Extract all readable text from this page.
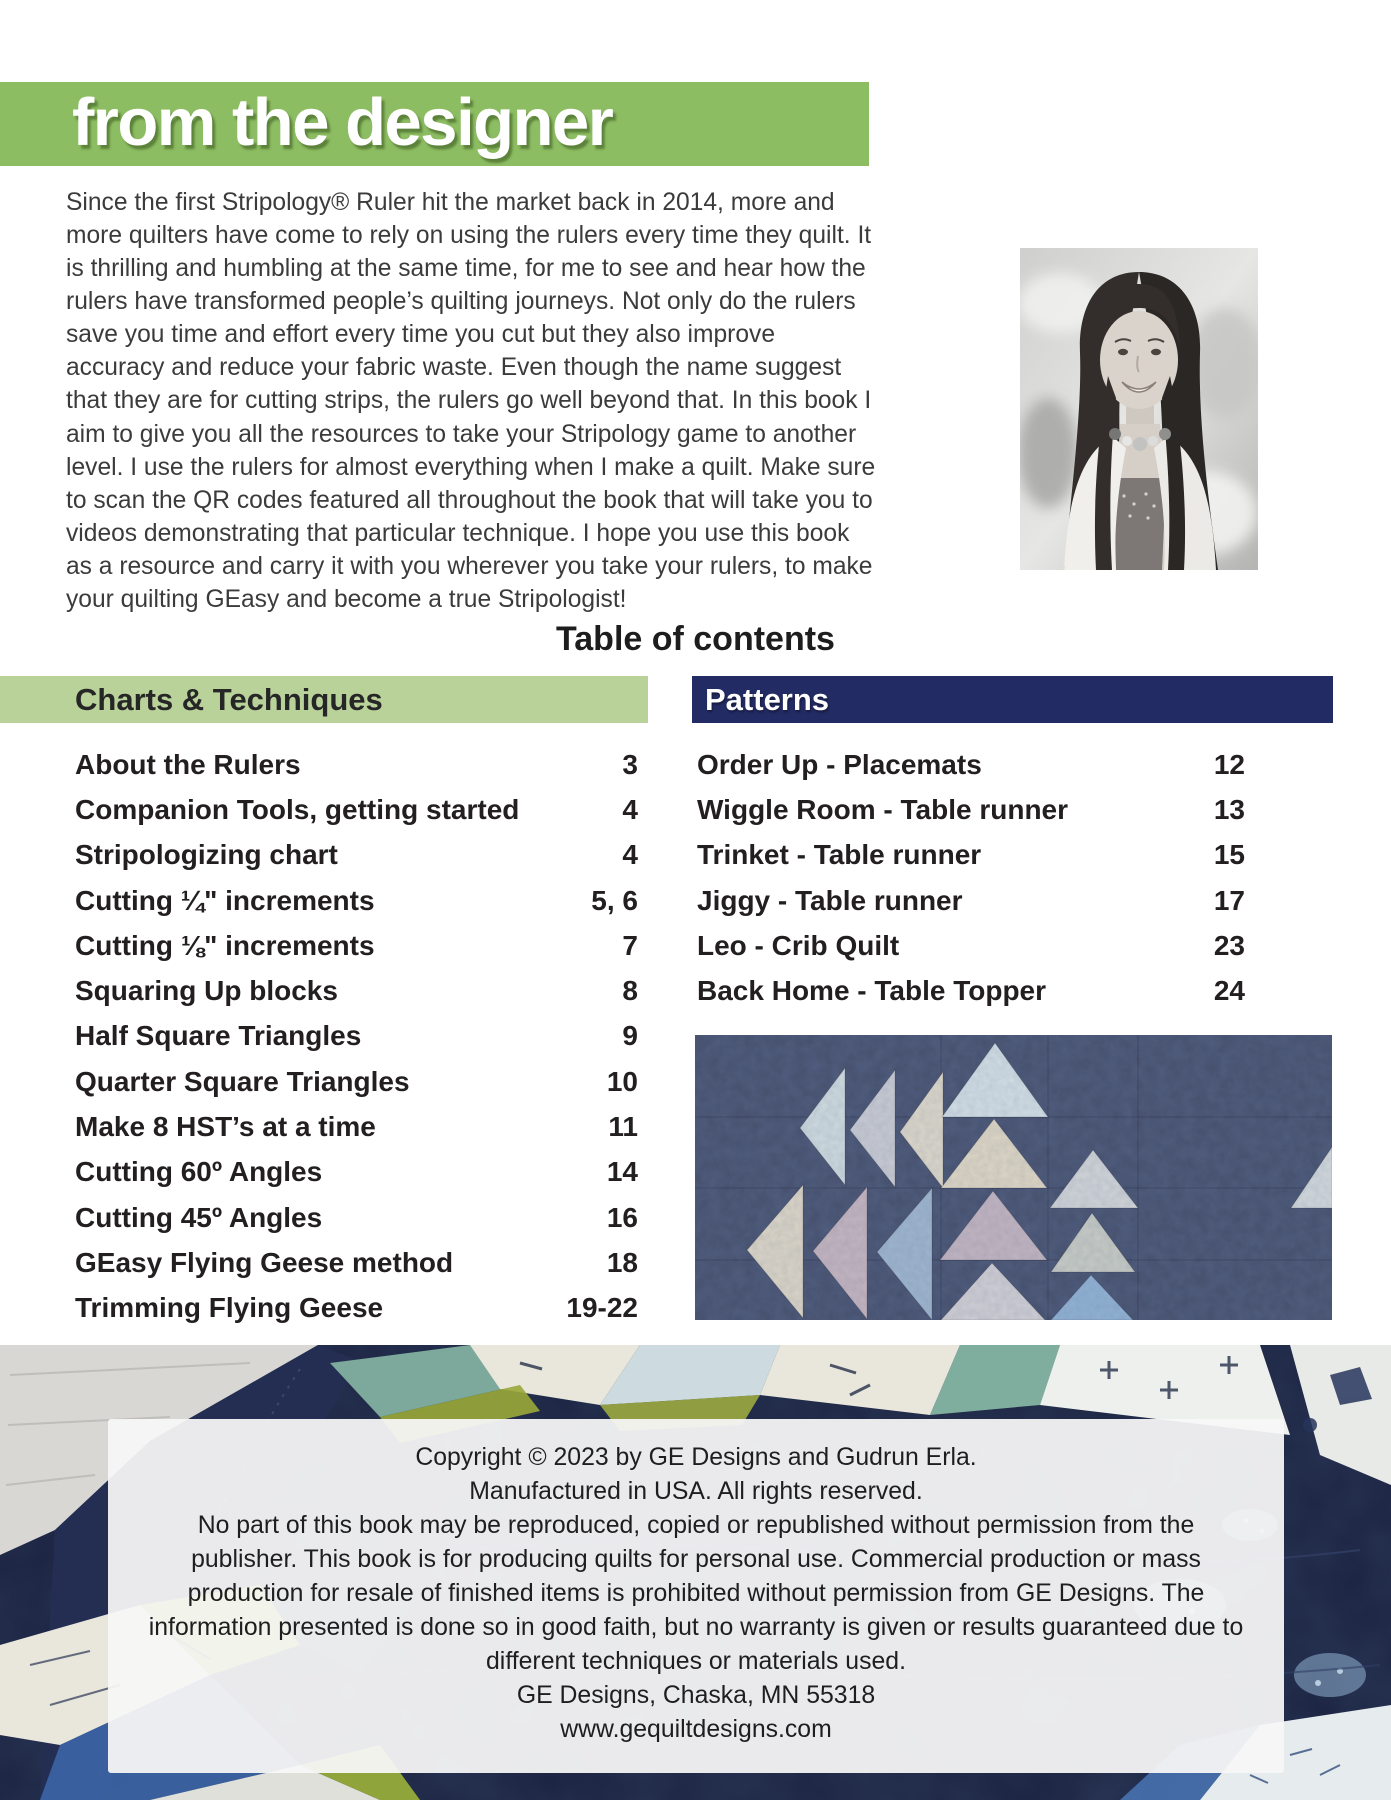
from the designer

Since the first Stripology® Ruler hit the market back in 2014, more and more quilters have come to rely on using the rulers every time they quilt. It is thrilling and humbling at the same time, for me to see and hear how the rulers have transformed people’s quilting journeys. Not only do the rulers save you time and effort every time you cut but they also improve accuracy and reduce your fabric waste. Even though the name suggest that they are for cutting strips, the rulers go well beyond that. In this book I aim to give you all the resources to take your Stripology game to another level. I use the rulers for almost everything when I make a quilt. Make sure to scan the QR codes featured all throughout the book that will take you to videos demonstrating that particular technique. I hope you use this book as a resource and carry it with you wherever you take your rulers, to make your quilting GEasy and become a true Stripologist!

Table of contents
Charts & Techniques	Patterns
About the Rulers	3
Companion Tools, getting started	4
Stripologizing chart	4
Cutting ¼" increments	5, 6
Cutting ⅛" increments	7
Squaring Up blocks	8
Half Square Triangles	9
Quarter Square Triangles	10
Make 8 HST’s at a time	11
Cutting 60º Angles	14
Cutting 45º Angles	16
GEasy Flying Geese method	18
Trimming Flying Geese	19-22
Order Up - Placemats	12
Wiggle Room - Table runner	13
Trinket - Table runner	15
Jiggy - Table runner	17
Leo - Crib Quilt	23
Back Home - Table Topper	24

Copyright © 2023 by GE Designs and Gudrun Erla.

Manufactured in USA. All rights reserved.

No part of this book may be reproduced, copied or republished without permission from the publisher. This book is for producing quilts for personal use. Commercial production or mass production for resale of finished items is prohibited without permission from GE Designs. The information presented is done so in good faith, but no warranty is given or results guaranteed due to different techniques or materials used.

GE Designs, Chaska, MN 55318

www.gequiltdesigns.com
